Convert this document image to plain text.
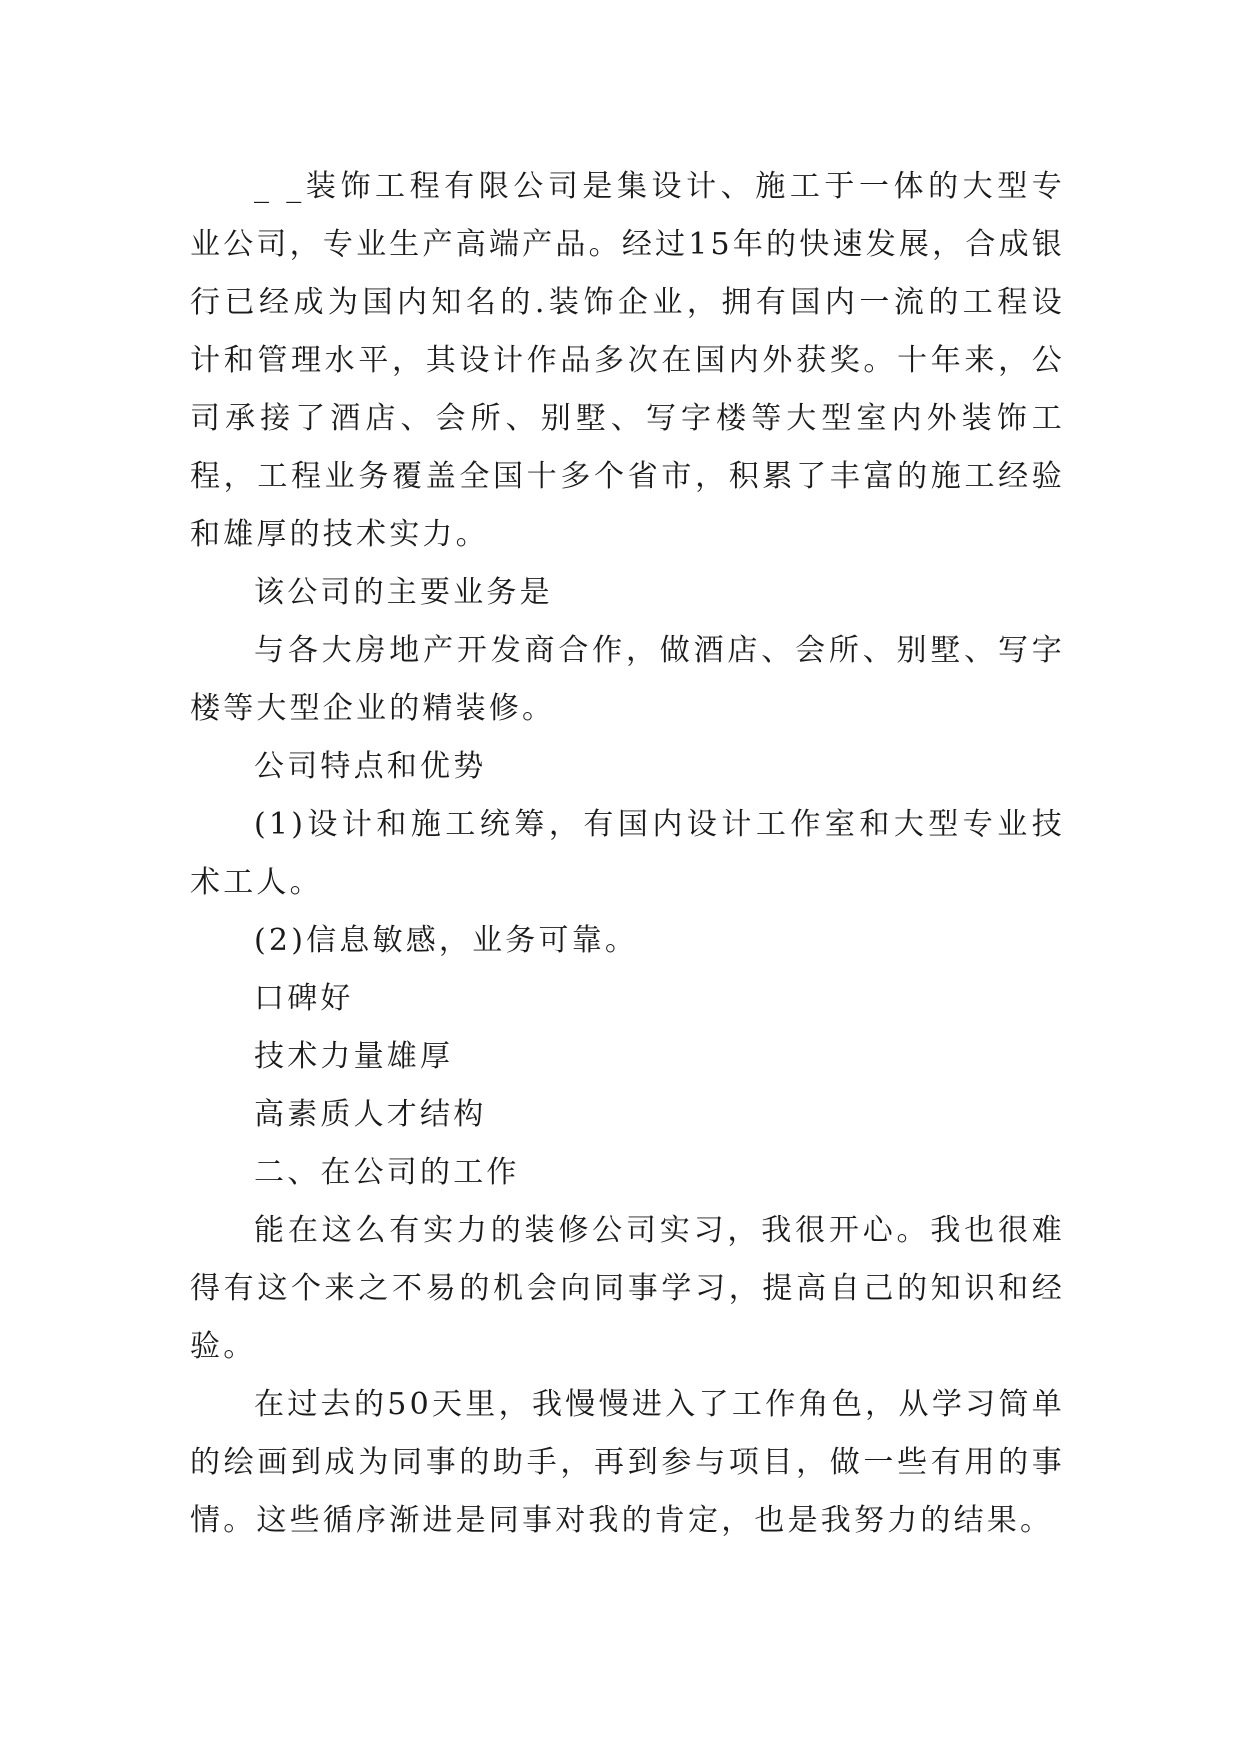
_ _装饰工程有限公司是集设计、施工于一体的大型专业公司，专业生产高端产品。经过15年的快速发展，合成银行已经成为国内知名的.装饰企业，拥有国内一流的工程设计和管理水平，其设计作品多次在国内外获奖。十年来，公司承接了酒店、会所、别墅、写字楼等大型室内外装饰工程，工程业务覆盖全国十多个省市，积累了丰富的施工经验和雄厚的技术实力。

该公司的主要业务是

与各大房地产开发商合作，做酒店、会所、别墅、写字楼等大型企业的精装修。

公司特点和优势

(1)设计和施工统筹，有国内设计工作室和大型专业技术工人。

(2)信息敏感，业务可靠。

口碑好

技术力量雄厚

高素质人才结构

二、在公司的工作

能在这么有实力的装修公司实习，我很开心。我也很难得有这个来之不易的机会向同事学习，提高自己的知识和经验。

在过去的50天里，我慢慢进入了工作角色，从学习简单的绘画到成为同事的助手，再到参与项目，做一些有用的事情。这些循序渐进是同事对我的肯定，也是我努力的结果。
